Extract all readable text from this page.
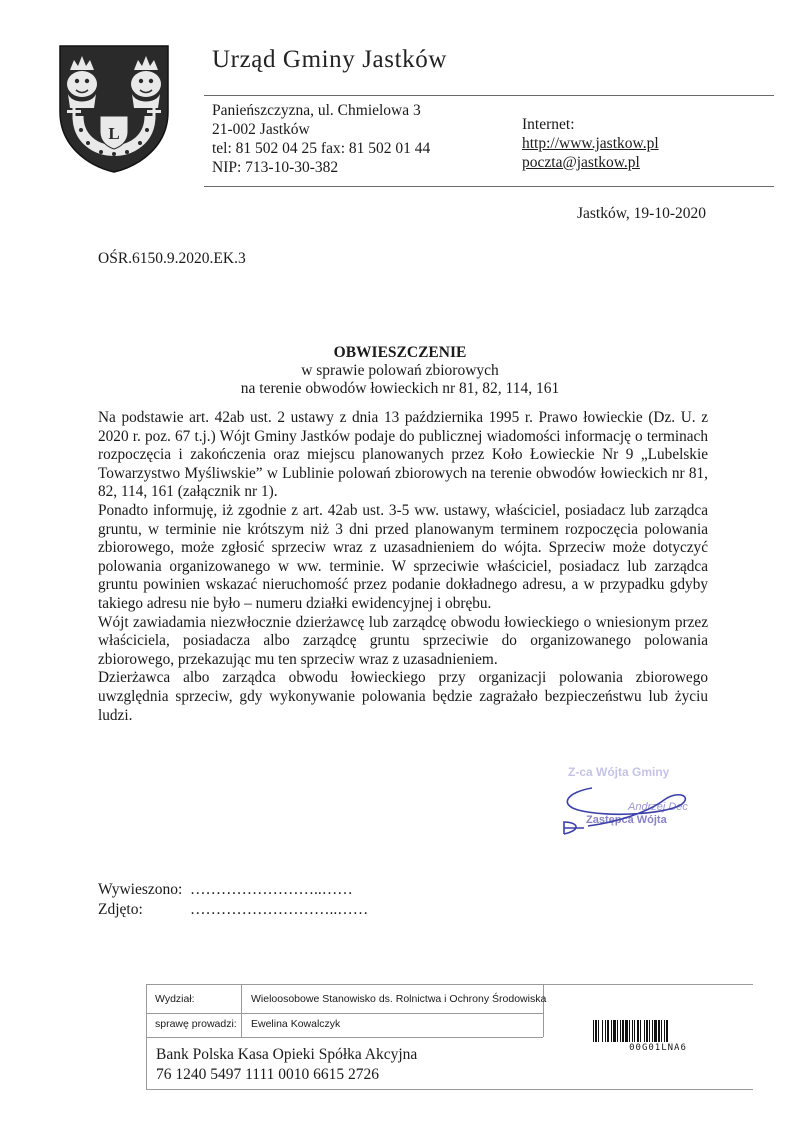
L
Urząd Gminy Jastków
Panieńszczyzna, ul. Chmielowa 3
21-002 Jastków
tel: 81 502 04 25 fax: 81 502 01 44
NIP: 713-10-30-382
Internet:
http://www.jastkow.pl
poczta@jastkow.pl
Jastków, 19-10-2020
OŚR.6150.9.2020.EK.3
OBWIESZCZENIE
w sprawie polowań zbiorowych
na terenie obwodów łowieckich nr 81, 82, 114, 161

Na podstawie art. 42ab ust. 2 ustawy z dnia 13 października 1995 r. Prawo łowieckie (Dz. U. z 2020 r. poz. 67 t.j.) Wójt Gminy Jastków podaje do publicznej wiadomości informację o terminach rozpoczęcia i zakończenia oraz miejscu planowanych przez Koło Łowieckie Nr 9 „Lubelskie Towarzystwo Myśliwskie” w Lublinie polowań zbiorowych na terenie obwodów łowieckich nr 81, 82, 114, 161 (załącznik nr 1).

Ponadto informuję, iż zgodnie z art. 42ab ust. 3-5 ww. ustawy, właściciel, posiadacz lub zarządca gruntu, w terminie nie krótszym niż 3 dni przed planowanym terminem rozpoczęcia polowania zbiorowego, może zgłosić sprzeciw wraz z uzasadnieniem do wójta. Sprzeciw może dotyczyć polowania organizowanego w ww. terminie. W sprzeciwie właściciel, posiadacz lub zarządca gruntu powinien wskazać nieruchomość przez podanie dokładnego adresu, a w przypadku gdyby takiego adresu nie było – numeru działki ewidencyjnej i obrębu.

Wójt zawiadamia niezwłocznie dzierżawcę lub zarządcę obwodu łowieckiego o wniesionym przez właściciela, posiadacza albo zarządcę gruntu sprzeciwie do organizowanego polowania zbiorowego, przekazując mu ten sprzeciw wraz z uzasadnieniem.

Dzierżawca albo zarządca obwodu łowieckiego przy organizacji polowania zbiorowego uwzględnia sprzeciw, gdy wykonywanie polowania będzie zagrażało bezpieczeństwu lub życiu ludzi.

Z-ca Wójta Gminy
Andrzej Dec
Zastępca Wójta
Wywieszono: ……………………..……
Zdjęto:	………………………..……
Wydział:	Wieloosobowe Stanowisko ds. Rolnictwa i Ochrony Środowiska
sprawę prowadzi: Ewelina Kowalczyk
Bank Polska Kasa Opieki Spółka Akcyjna
76 1240 5497 1111 0010 6615 2726
00G01LNA6
